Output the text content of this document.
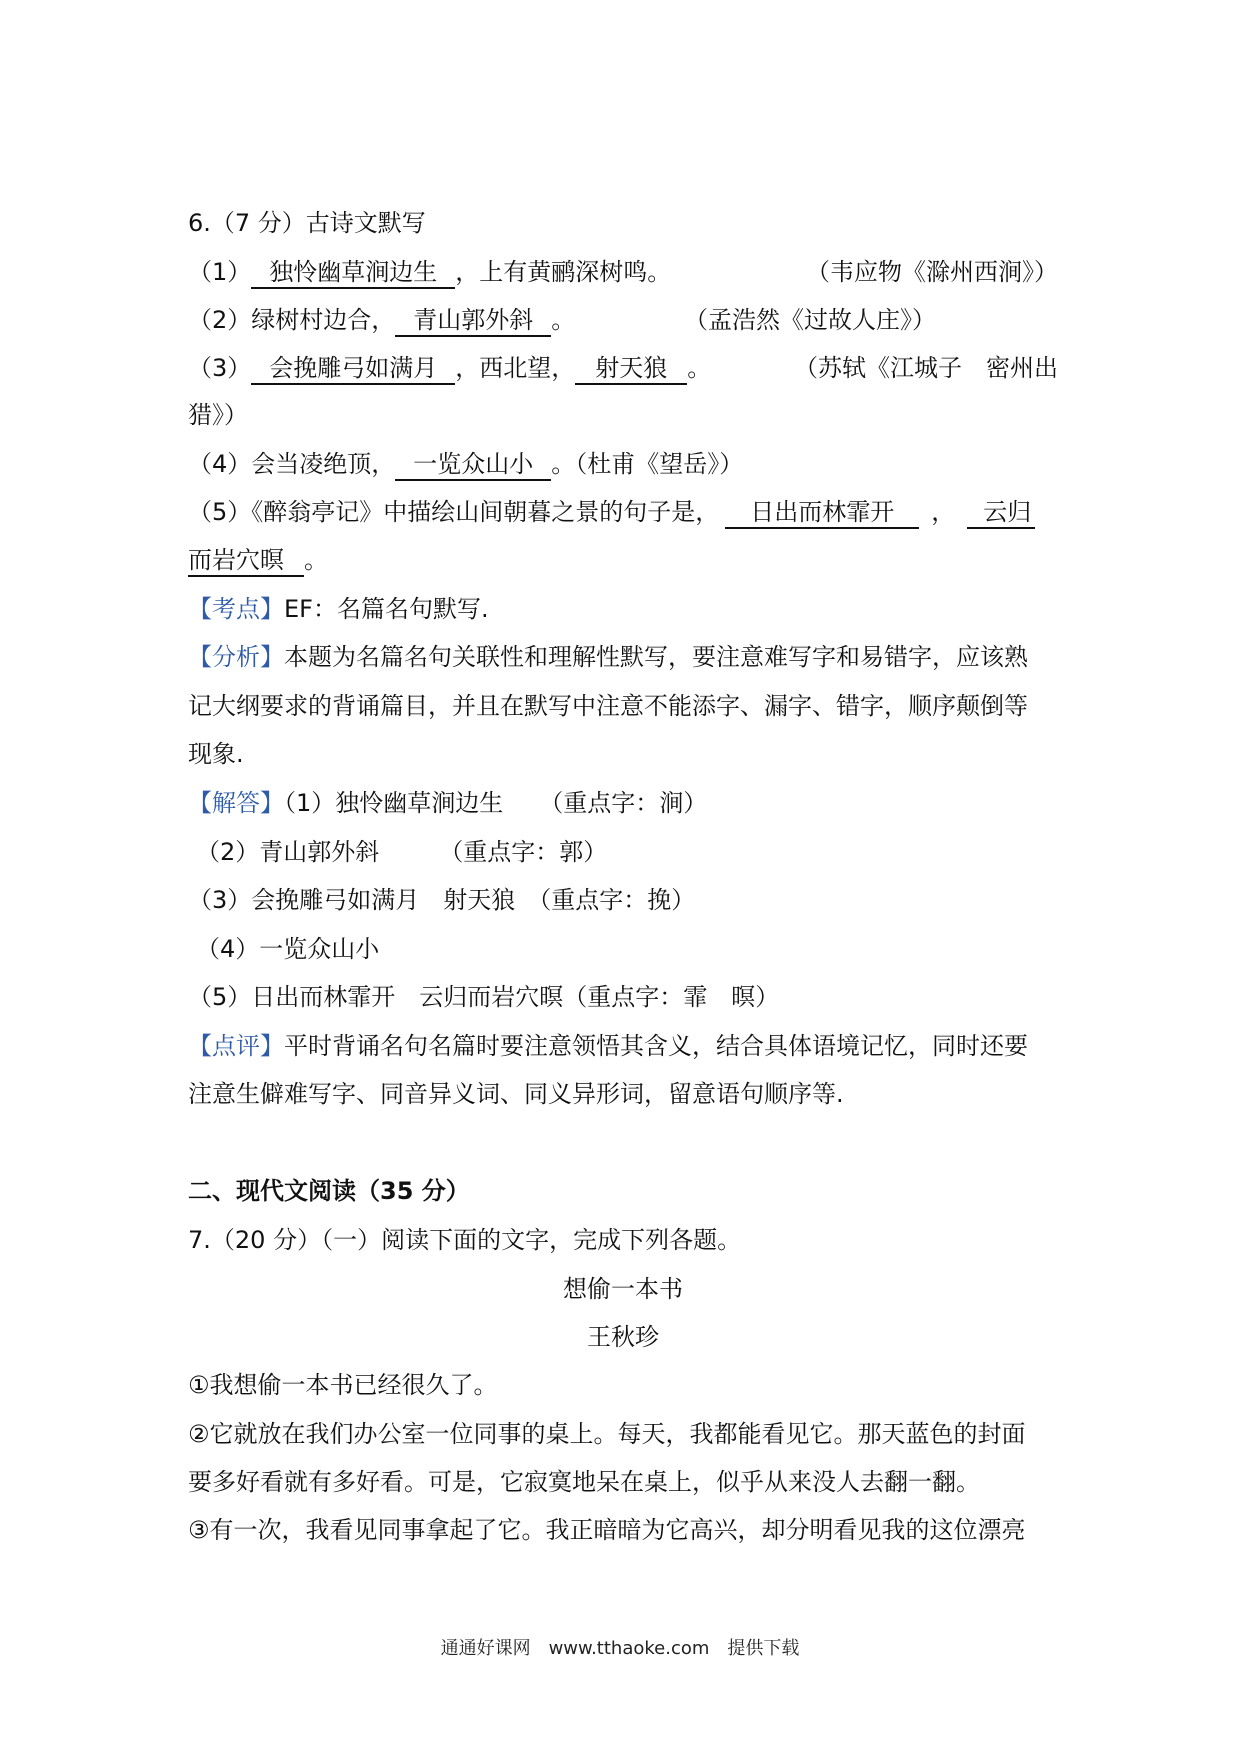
6.（7 分）古诗文默写
（1） 独怜幽草涧边生 ，上有黄鹂深树鸣。	（韦应物《滁州西涧》）
（2）绿树村边合， 青山郭外斜 。	（孟浩然《过故人庄》）
（3） 会挽雕弓如满月 ，西北望， 射天狼 。	（苏轼《江城子　密州出
猎》）
（4）会当凌绝顶， 一览众山小 。（杜甫《望岳》）
（5）《醉翁亭记》中描绘山间朝暮之景的句子是， 日出而林霏开 ， 云归
而岩穴暝 。
【考点】EF：名篇名句默写.
【分析】本题为名篇名句关联性和理解性默写，要注意难写字和易错字，应该熟
记大纲要求的背诵篇目，并且在默写中注意不能添字、漏字、错字，顺序颠倒等
现象.
【解答】（1）独怜幽草涧边生　　（重点字：涧）
（2）青山郭外斜　　　（重点字：郭）
（3）会挽雕弓如满月　射天狼　（重点字：挽）
（4）一览众山小
（5）日出而林霏开　云归而岩穴暝（重点字：霏　暝）
【点评】平时背诵名句名篇时要注意领悟其含义，结合具体语境记忆，同时还要
注意生僻难写字、同音异义词、同义异形词，留意语句顺序等.
二、现代文阅读（35 分）
7.（20 分）（一）阅读下面的文字，完成下列各题。
想偷一本书
王秋珍
①我想偷一本书已经很久了。
②它就放在我们办公室一位同事的桌上。每天，我都能看见它。那天蓝色的封面
要多好看就有多好看。可是，它寂寞地呆在桌上，似乎从来没人去翻一翻。
③有一次，我看见同事拿起了它。我正暗暗为它高兴，却分明看见我的这位漂亮
通通好课网　www.tthaoke.com　提供下载
